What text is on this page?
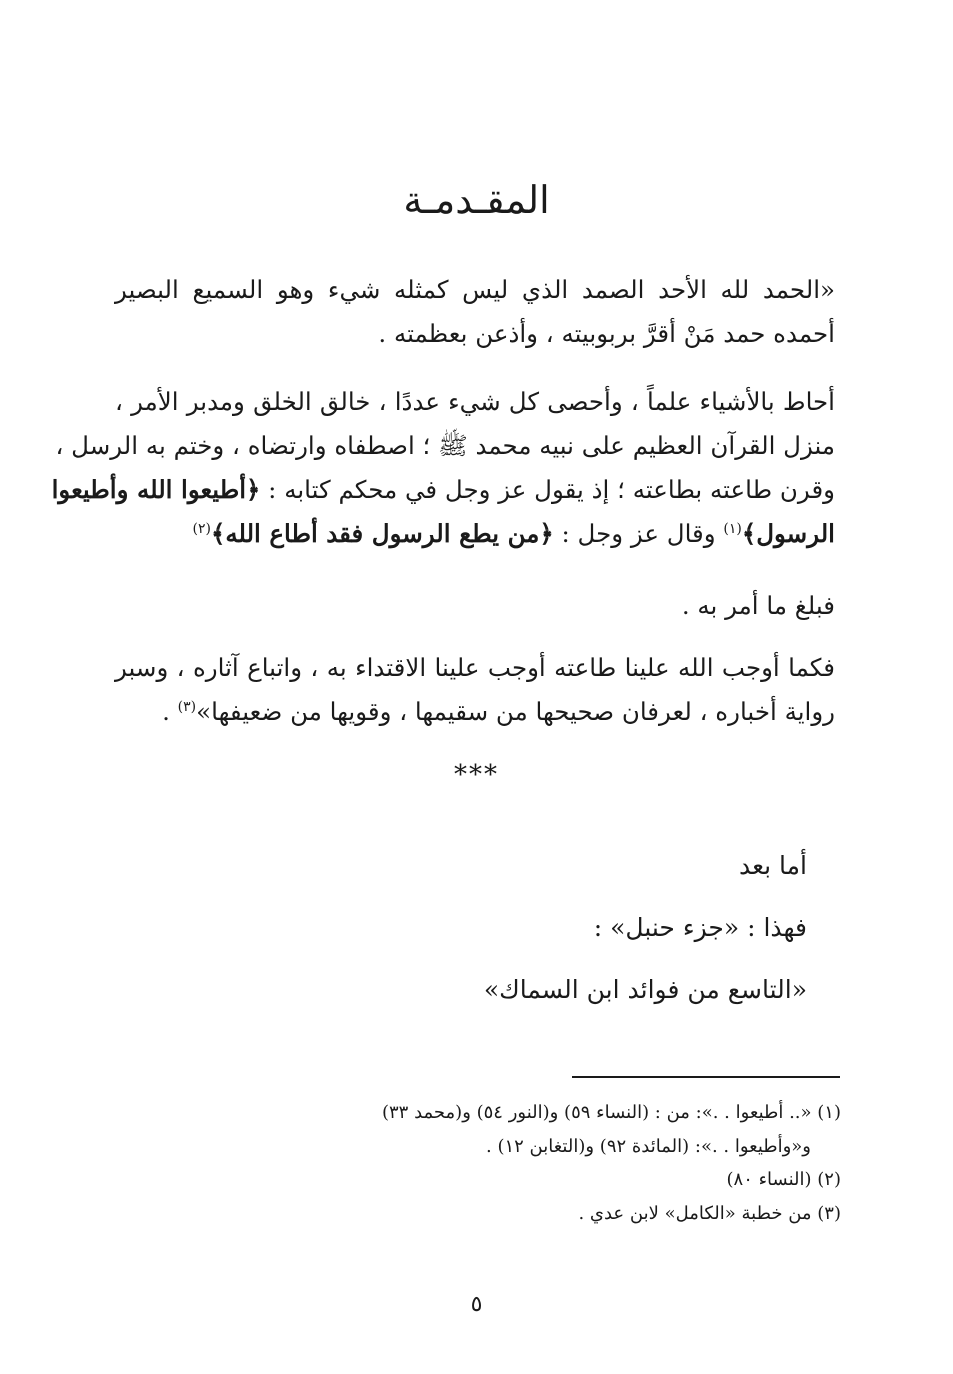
المقـدمـة
«الحمد لله الأحد الصمد الذي ليس كمثله شيء وهو السميع البصير
أحمده حمد مَنْ أقرَّ بربوبيته ، وأذعن بعظمته .
أحاط بالأشياء علماً ، وأحصى كل شيء عددًا ، خالق الخلق ومدبر الأمر ،
منزل القرآن العظيم على نبيه محمد ﷺ ؛ اصطفاه وارتضاه ، وختم به الرسل ،
وقرن طاعته بطاعته ؛ إذ يقول عز وجل في محكم كتابه : ﴿أطيعوا الله وأطيعوا
الرسول﴾$^{(١)}$ وقال عز وجل : ﴿من يطع الرسول فقد أطاع الله﴾$^{(٢)}$
فبلغ ما أمر به .
فكما أوجب الله علينا طاعته أوجب علينا الاقتداء به ، واتباع آثاره ، وسبر
رواية أخباره ، لعرفان صحيحها من سقيمها ، وقويها من ضعيفها»$^{(٣)}$ .
***
أما بعد
فهذا : «جزء حنبل» :
«التاسع من فوائد ابن السماك»
(١) «.. أطيعوا . .»: من : (النساء ٥٩) و(النور ٥٤) و(محمد ٣٣)
و«وأطيعوا . .»: (المائدة ٩٢) و(التغابن ١٢) .
(٢) (النساء ٨٠)
(٣) من خطبة «الكامل» لابن عدي .
٥
